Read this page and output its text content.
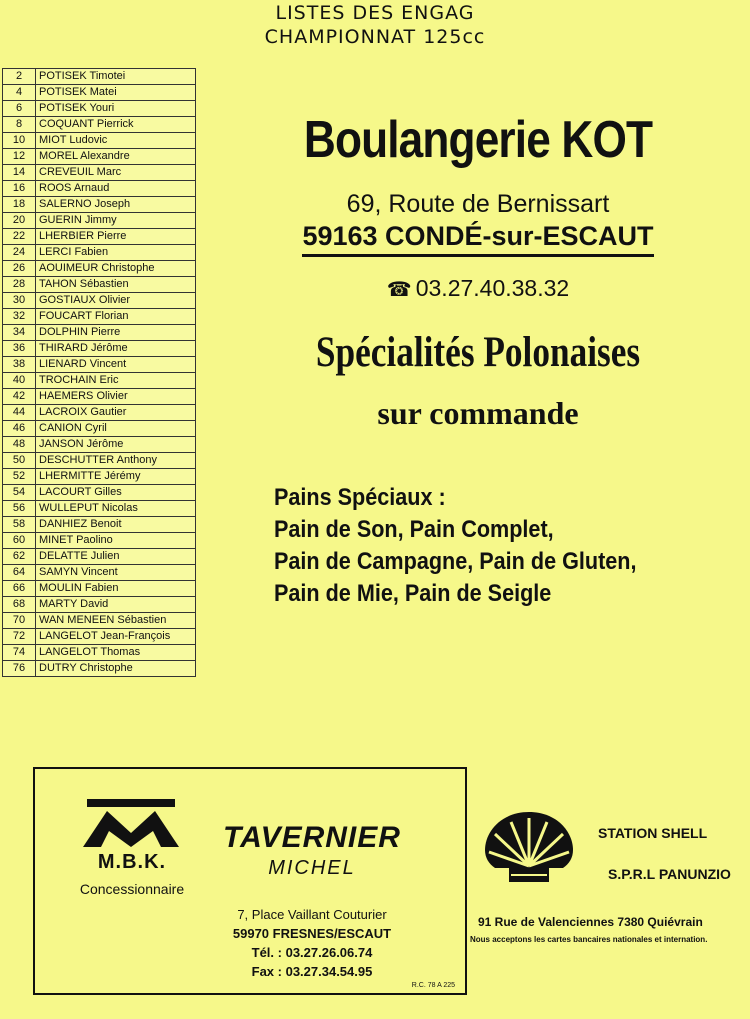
LISTES DES ENGAG
CHAMPIONNAT 125cc
2	POTISEK Timotei
4	POTISEK Matei
6	POTISEK Youri
8	COQUANT Pierrick
10	MIOT Ludovic
12	MOREL Alexandre
14	CREVEUIL Marc
16	ROOS Arnaud
18	SALERNO Joseph
20	GUERIN Jimmy
22	LHERBIER Pierre
24	LERCI Fabien
26	AOUIMEUR Christophe
28	TAHON Sébastien
30	GOSTIAUX Olivier
32	FOUCART Florian
34	DOLPHIN Pierre
36	THIRARD Jérôme
38	LIENARD Vincent
40	TROCHAIN Eric
42	HAEMERS Olivier
44	LACROIX Gautier
46	CANION Cyril
48	JANSON Jérôme
50	DESCHUTTER Anthony
52	LHERMITTE Jérémy
54	LACOURT Gilles
56	WULLEPUT Nicolas
58	DANHIEZ Benoit
60	MINET Paolino
62	DELATTE Julien
64	SAMYN Vincent
66	MOULIN Fabien
68	MARTY David
70	WAN MENEEN Sébastien
72	LANGELOT Jean-François
74	LANGELOT Thomas
76	DUTRY Christophe
Boulangerie KOT
69, Route de Bernissart
59163 CONDÉ-sur-ESCAUT
☎ 03.27.40.38.32
Spécialités Polonaises
sur commande
Pains Spéciaux :
Pain de Son, Pain Complet,
Pain de Campagne, Pain de Gluten,
Pain de Mie, Pain de Seigle
M.B.K.
Concessionnaire
TAVERNIER
MICHEL
7, Place Vaillant Couturier
59970 FRESNES/ESCAUT
Tél. : 03.27.26.06.74
Fax : 03.27.34.54.95
R.C. 78 A 225
STATION SHELL
S.P.R.L PANUNZIO
91 Rue de Valenciennes 7380 Quiévrain
Nous acceptons les cartes bancaires nationales et internation.
